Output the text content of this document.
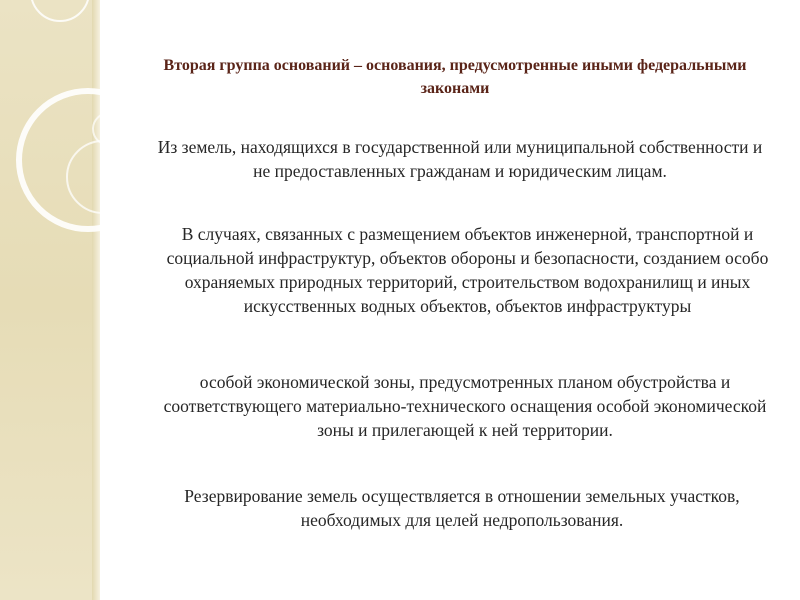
Вторая группа оснований – основания, предусмотренные иными федеральными законами

Из земель, находящихся в государственной или муниципальной собственности и не предоставленных гражданам и юридическим лицам.

В случаях, связанных с размещением объектов инженерной, транспортной и социальной инфраструктур, объектов обороны и безопасности, созданием особо охраняемых природных территорий, строительством водохранилищ и иных искусственных водных объектов, объектов инфраструктуры

особой экономической зоны, предусмотренных планом обустройства и соответствующего материально-технического оснащения особой экономической зоны и прилегающей к ней территории.

Резервирование земель осуществляется в отношении земельных участков, необходимых для целей недропользования.
